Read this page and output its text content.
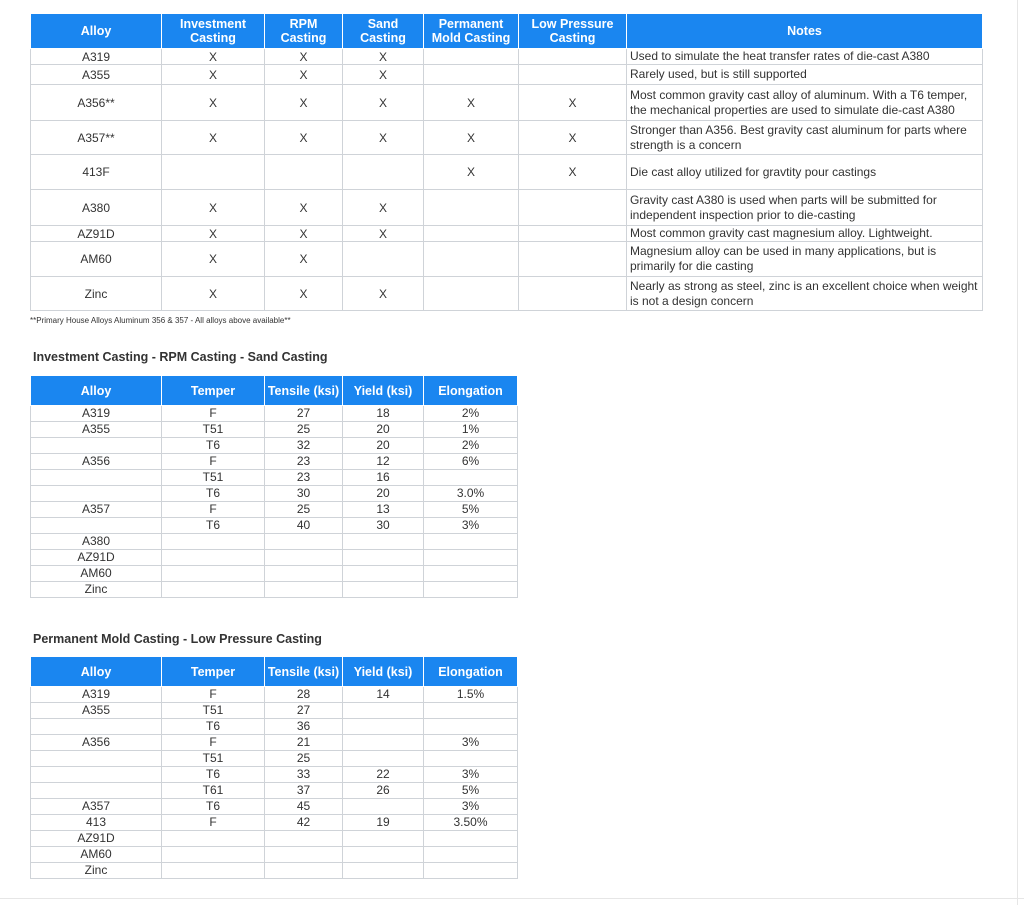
Alloy	Investment Casting	RPM Casting	Sand Casting	Permanent Mold Casting	Low Pressure Casting	Notes
A319	X	X	X			Used to simulate the heat transfer rates of die-cast A380
A355	X	X	X			Rarely used, but is still supported
A356**	X	X	X	X	X	Most common gravity cast alloy of aluminum. With a T6 temper, the mechanical properties are used to simulate die-cast A380
A357**	X	X	X	X	X	Stronger than A356. Best gravity cast aluminum for parts where strength is a concern
413F				X	X	Die cast alloy utilized for gravtity pour castings
A380	X	X	X			Gravity cast A380 is used when parts will be submitted for independent inspection prior to die-casting
AZ91D	X	X	X			Most common gravity cast magnesium alloy. Lightweight.
AM60	X	X				Magnesium alloy can be used in many applications, but is primarily for die casting
Zinc	X	X	X			Nearly as strong as steel, zinc is an excellent choice when weight is not a design concern
**Primary House Alloys Aluminum 356 & 357 - All alloys above available**
Investment Casting - RPM Casting - Sand Casting
Alloy	Temper	Tensile (ksi)	Yield (ksi)	Elongation
A319	F	27	18	2%
A355	T51	25	20	1%
	T6	32	20	2%
A356	F	23	12	6%
	T51	23	16	
	T6	30	20	3.0%
A357	F	25	13	5%
	T6	40	30	3%
A380				
AZ91D				
AM60				
Zinc				
Permanent Mold Casting - Low Pressure Casting
Alloy	Temper	Tensile (ksi)	Yield (ksi)	Elongation
A319	F	28	14	1.5%
A355	T51	27		
	T6	36		
A356	F	21		3%
	T51	25		
	T6	33	22	3%
	T61	37	26	5%
A357	T6	45		3%
413	F	42	19	3.50%
AZ91D				
AM60				
Zinc				
